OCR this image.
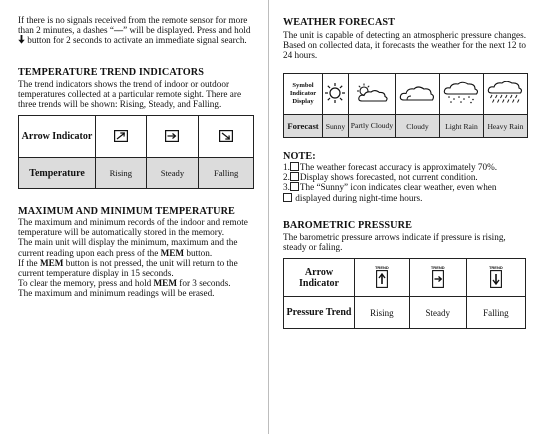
If there is no signals received from the remote sensor for more than 2 minutes, a dashes “––” will be displayed. Press and hold  button for 2 seconds to activate an immediate signal search.

TEMPERATURE TREND INDICATORS

The trend indicators shows the trend of indoor or outdoor temperatures collected at a particular remote sight. There are three trends will be shown: Rising, Steady, and Falling.

Arrow Indicator			
Temperature	Rising	Steady	Falling
MAXIMUM AND MINIMUM TEMPERATURE

The maximum and minimum records of the indoor and remote temperature will be automatically stored in the memory.

The main unit will display the minimum, maximum and the current reading upon each press of the MEM button.

If the MEM button is not pressed, the unit will return to the current temperature display in 15 seconds.

To clear the memory, press and hold MEM for 3 seconds.

The maximum and minimum readings will be erased.

WEATHER FORECAST

The unit is capable of detecting an atmospheric pressure changes. Based on collected data, it forecasts the weather for the next 12 to 24 hours.

Symbol Indicator Display					
Forecast	Sunny	Partly Cloudy	Cloudy	Light Rain	Heavy Rain
NOTE:

1. The weather forecast accuracy is approximately 70%.

2. Display shows forecasted, not current condition.

3. The “Sunny” icon indicates clear weather, even when

displayed during night-time hours.

BAROMETRIC PRESSURE

The barometric pressure arrows indicate if pressure is rising, steady or faling.

Arrow Indicator	TREND	TREND	TREND

Pressure Trend	Rising	Steady	Falling
